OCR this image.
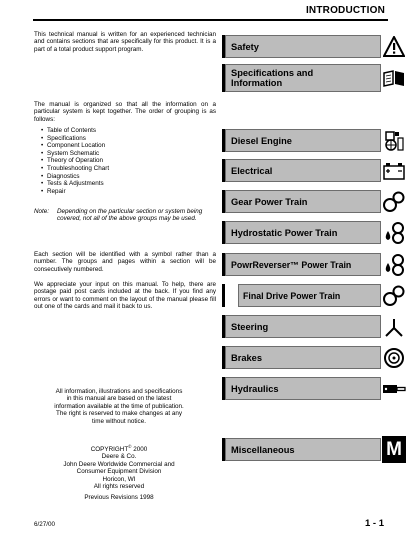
INTRODUCTION

This technical manual is written for an experienced technician and contains sections that are specifically for this product. It is a part of a total product support program.

The manual is organized so that all the information on a particular system is kept together. The order of grouping is as follows:

• Table of Contents
• Specifications
• Component Location
• System Schematic
• Theory of Operation
• Troubleshooting Chart
• Diagnostics
• Tests & Adjustments
• Repair
Note:	Depending on the particular section or system being covered, not all of the above groups may be used.

Each section will be identified with a symbol rather than a number. The groups and pages within a section will be consecutively numbered.

We appreciate your input on this manual. To help, there are postage paid post cards included at the back. If you find any errors or want to comment on the layout of the manual please fill out one of the cards and mail it back to us.

All information, illustrations and specifications in this manual are based on the latest information available at the time of publication. The right is reserved to make changes at any time without notice.

COPYRIGHT© 2000
Deere & Co.
John Deere Worldwide Commercial and
Consumer Equipment Division
Horicon, WI
All rights reserved
Previous Revisions 1998
6/27/00	1 - 1
Safety
Specifications and
Information
Diesel Engine
Electrical
Gear Power Train
Hydrostatic Power Train
PowrReverser™ Power Train
Final Drive Power Train
Steering
Brakes
Hydraulics
Miscellaneous	M
